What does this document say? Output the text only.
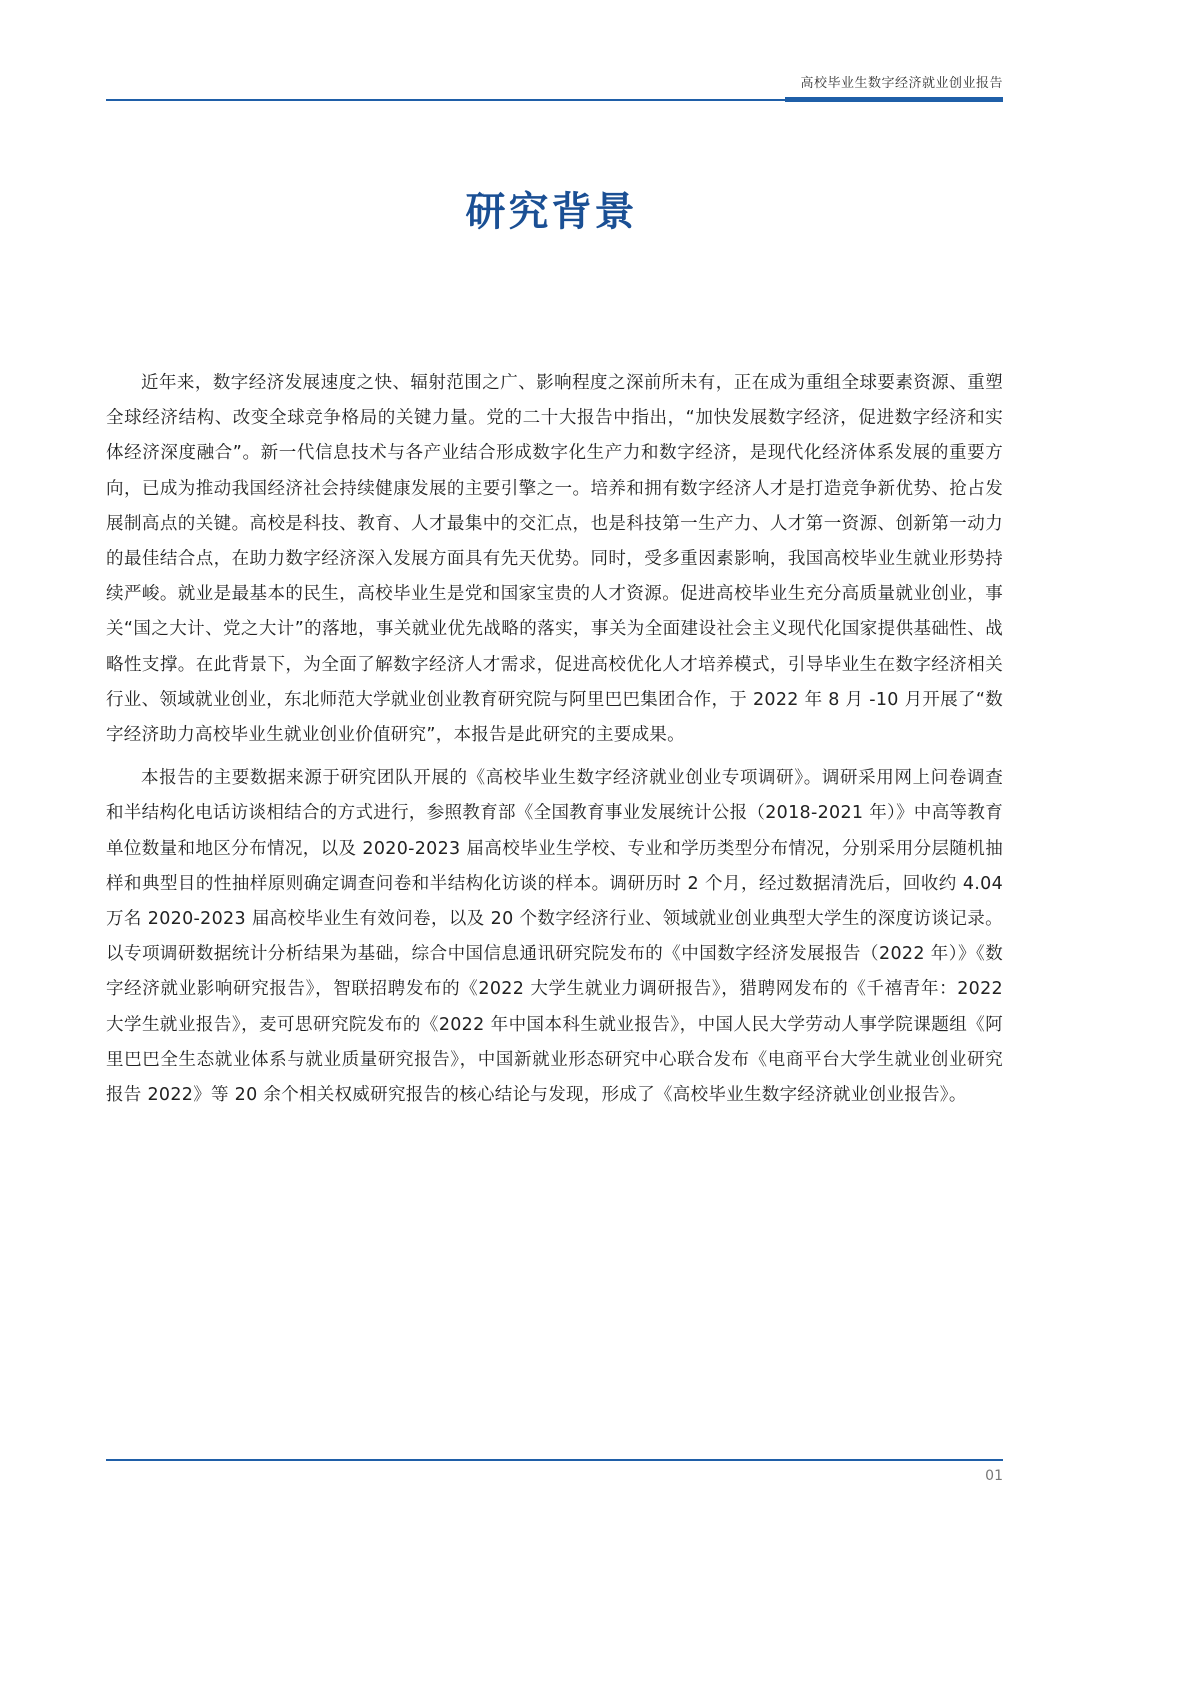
高校毕业生数字经济就业创业报告
研究背景

近年来，数字经济发展速度之快、辐射范围之广、影响程度之深前所未有，正在成为重组全球要素资源、重塑全球经济结构、改变全球竞争格局的关键力量。党的二十大报告中指出，“加快发展数字经济，促进数字经济和实体经济深度融合”。新一代信息技术与各产业结合形成数字化生产力和数字经济，是现代化经济体系发展的重要方向，已成为推动我国经济社会持续健康发展的主要引擎之一。培养和拥有数字经济人才是打造竞争新优势、抢占发展制高点的关键。高校是科技、教育、人才最集中的交汇点，也是科技第一生产力、人才第一资源、创新第一动力的最佳结合点，在助力数字经济深入发展方面具有先天优势。同时，受多重因素影响，我国高校毕业生就业形势持续严峻。就业是最基本的民生，高校毕业生是党和国家宝贵的人才资源。促进高校毕业生充分高质量就业创业，事关“国之大计、党之大计”的落地，事关就业优先战略的落实，事关为全面建设社会主义现代化国家提供基础性、战略性支撑。在此背景下，为全面了解数字经济人才需求，促进高校优化人才培养模式，引导毕业生在数字经济相关行业、领域就业创业，东北师范大学就业创业教育研究院与阿里巴巴集团合作，于 2022 年 8 月 -10 月开展了“数字经济助力高校毕业生就业创业价值研究”，本报告是此研究的主要成果。

本报告的主要数据来源于研究团队开展的《高校毕业生数字经济就业创业专项调研》。调研采用网上问卷调查和半结构化电话访谈相结合的方式进行，参照教育部《全国教育事业发展统计公报（2018-2021 年）》中高等教育单位数量和地区分布情况，以及 2020-2023 届高校毕业生学校、专业和学历类型分布情况，分别采用分层随机抽样和典型目的性抽样原则确定调查问卷和半结构化访谈的样本。调研历时 2 个月，经过数据清洗后，回收约 4.04 万名 2020-2023 届高校毕业生有效问卷，以及 20 个数字经济行业、领域就业创业典型大学生的深度访谈记录。以专项调研数据统计分析结果为基础，综合中国信息通讯研究院发布的《中国数字经济发展报告（2022 年）》《数字经济就业影响研究报告》，智联招聘发布的《2022 大学生就业力调研报告》，猎聘网发布的《千禧青年：2022 大学生就业报告》，麦可思研究院发布的《2022 年中国本科生就业报告》，中国人民大学劳动人事学院课题组《阿里巴巴全生态就业体系与就业质量研究报告》，中国新就业形态研究中心联合发布《电商平台大学生就业创业研究报告 2022》等 20 余个相关权威研究报告的核心结论与发现，形成了《高校毕业生数字经济就业创业报告》。

01
